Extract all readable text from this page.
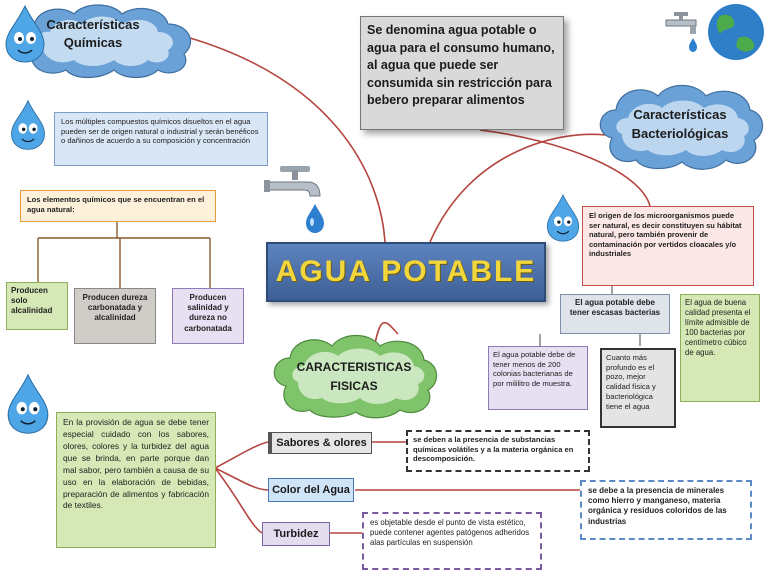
Características Químicas
Características Bacteriológicas
CARACTERISTICAS FISICAS
Se denomina agua potable o agua para el consumo humano, al agua que puede ser consumida sin restricción para bebero preparar alimentos
AGUA POTABLE
Los múltiples compuestos químicos disueltos en el agua pueden ser de origen natural o industrial y serán benéficos o dañinos de acuerdo a su composición y concentración
Los elementos químicos que se encuentran en el agua natural:
Producen solo alcalinidad
Producen dureza carbonatada y alcalinidad
Producen salinidad y dureza no carbonatada
El origen de los microorganismos puede ser natural, es decir constituyen su hábitat natural, pero también provenir de contaminación por vertidos cloacales y/o industriales
El agua potable debe tener escasas bacterias
El agua potable debe de tener menos de 200 colonias bacterianas de por mililitro de muestra.
Cuanto más profundo es el pozo, mejor calidad física y bacteriológica tiene el agua
El agua de buena calidad presenta el límite admisible de 100 bacterias por centímetro cúbico de agua.
En la provisión de agua se debe tener especial cuidado con los sabores, olores, colores y la turbidez del agua que se brinda, en parte porque dan mal sabor, pero también a causa de su uso en la elaboración de bebidas, preparación de alimentos y fabricación de textiles.
Sabores & olores
Color del Agua
Turbidez
se deben a la presencia de substancias químicas volátiles y a la materia orgánica en descomposición.
se debe a la presencia de minerales como hierro y manganeso, materia orgánica y residuos coloridos de las industrias
es objetable desde el punto de vista estético, puede contener agentes patógenos adheridos alas partículas en suspensión
